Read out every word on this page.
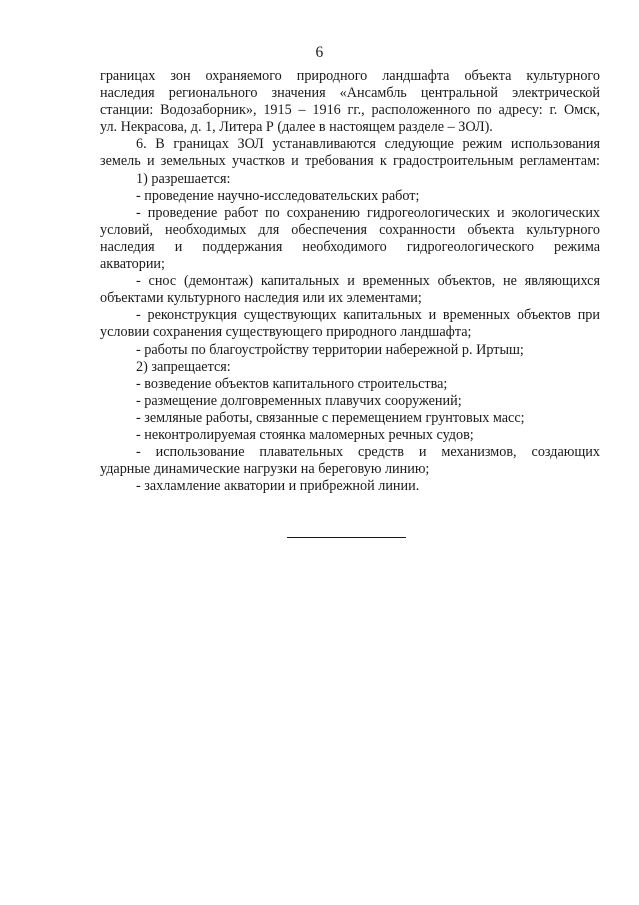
6
границах зон охраняемого природного ландшафта объекта культурного
наследия регионального значения «Ансамбль центральной электрической
станции: Водозаборник», 1915 – 1916 гг., расположенного по адресу: г. Омск,
ул. Некрасова, д. 1, Литера Р (далее в настоящем разделе – ЗОЛ).
6. В границах ЗОЛ устанавливаются следующие режим использования
земель и земельных участков и требования к градостроительным регламентам:
1) разрешается:
- проведение научно-исследовательских работ;
- проведение работ по сохранению гидрогеологических и экологических
условий, необходимых для обеспечения сохранности объекта культурного
наследия и поддержания необходимого гидрогеологического режима
акватории;
- снос (демонтаж) капитальных и временных объектов, не являющихся
объектами культурного наследия или их элементами;
- реконструкция существующих капитальных и временных объектов при
условии сохранения существующего природного ландшафта;
- работы по благоустройству территории набережной р. Иртыш;
2) запрещается:
- возведение объектов капитального строительства;
- размещение долговременных плавучих сооружений;
- земляные работы, связанные с перемещением грунтовых масс;
- неконтролируемая стоянка маломерных речных судов;
- использование плавательных средств и механизмов, создающих
ударные динамические нагрузки на береговую линию;
- захламление акватории и прибрежной линии.
